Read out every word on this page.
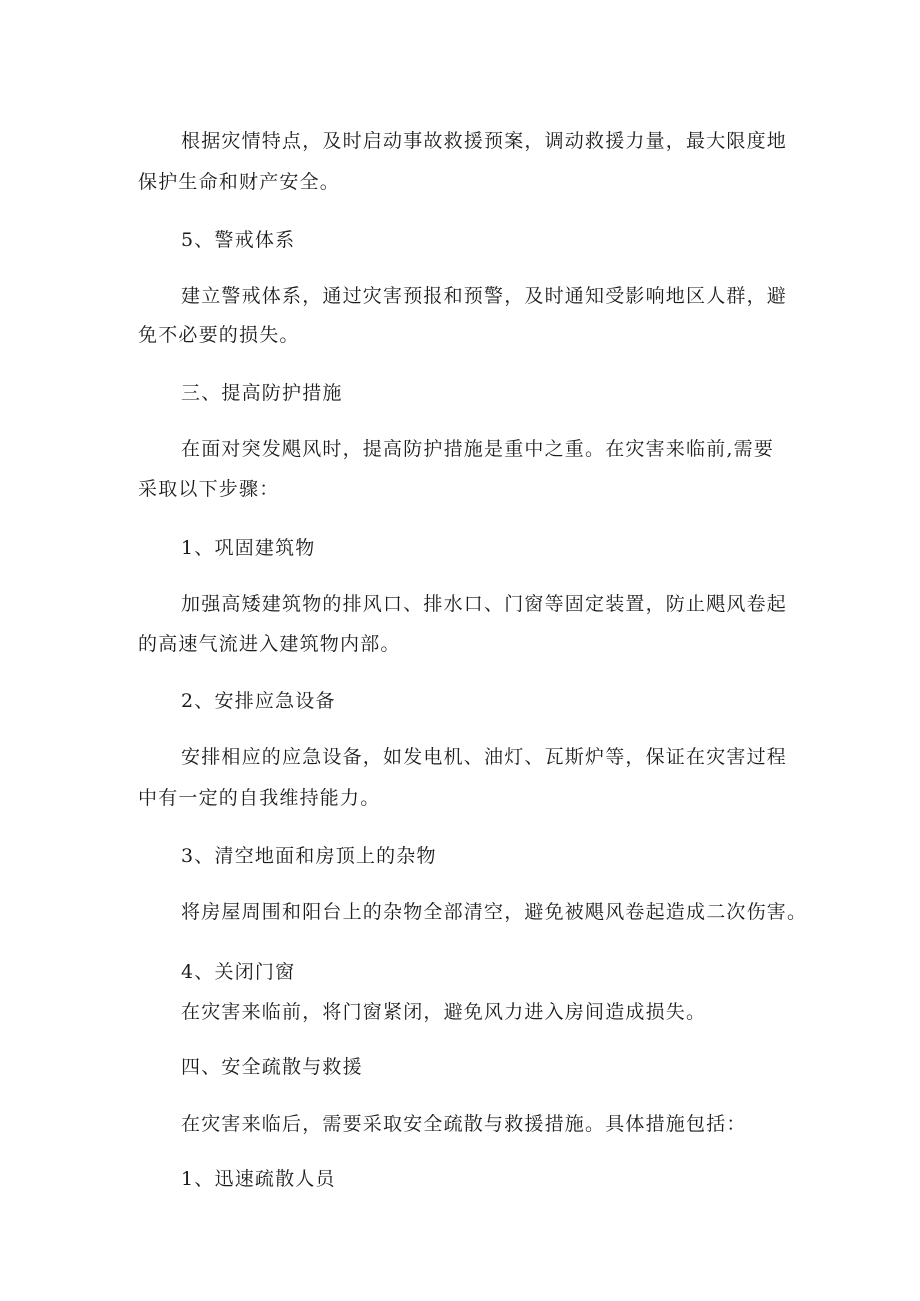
根据灾情特点，及时启动事故救援预案，调动救援力量，最大限度地
保护生命和财产安全。
5、警戒体系
建立警戒体系，通过灾害预报和预警，及时通知受影响地区人群，避
免不必要的损失。
三、提高防护措施
在面对突发飓风时，提高防护措施是重中之重。在灾害来临前,需要
采取以下步骤：
1、巩固建筑物
加强高矮建筑物的排风口、排水口、门窗等固定装置，防止飓风卷起
的高速气流进入建筑物内部。
2、安排应急设备
安排相应的应急设备，如发电机、油灯、瓦斯炉等，保证在灾害过程
中有一定的自我维持能力。
3、清空地面和房顶上的杂物
将房屋周围和阳台上的杂物全部清空，避免被飓风卷起造成二次伤害。
4、关闭门窗
在灾害来临前，将门窗紧闭，避免风力进入房间造成损失。
四、安全疏散与救援
在灾害来临后，需要采取安全疏散与救援措施。具体措施包括：
1、迅速疏散人员
